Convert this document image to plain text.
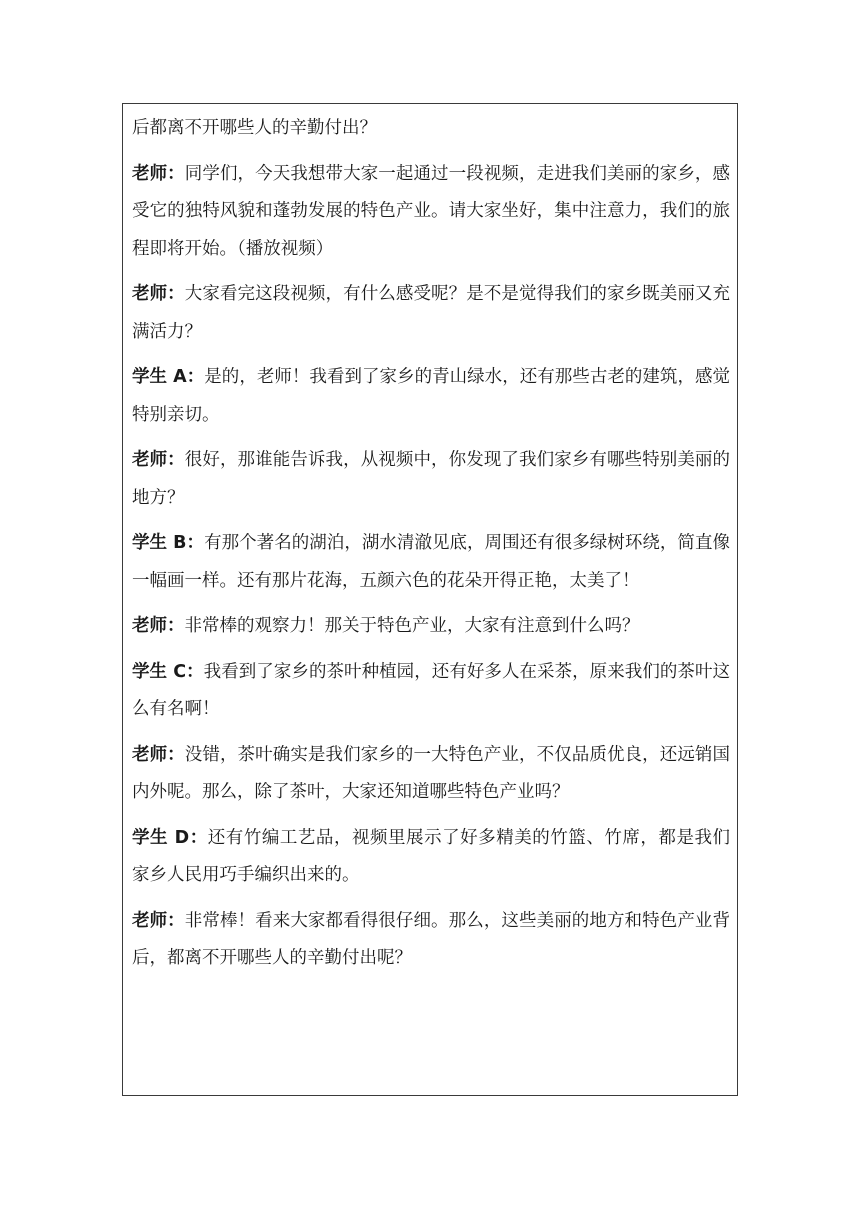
后都离不开哪些人的辛勤付出？

老师：同学们，今天我想带大家一起通过一段视频，走进我们美丽的家乡，感受它的独特风貌和蓬勃发展的特色产业。请大家坐好，集中注意力，我们的旅程即将开始。（播放视频）

老师：大家看完这段视频，有什么感受呢？是不是觉得我们的家乡既美丽又充满活力？

学生 A：是的，老师！我看到了家乡的青山绿水，还有那些古老的建筑，感觉特别亲切。

老师：很好，那谁能告诉我，从视频中，你发现了我们家乡有哪些特别美丽的地方？

学生 B：有那个著名的湖泊，湖水清澈见底，周围还有很多绿树环绕，简直像一幅画一样。还有那片花海，五颜六色的花朵开得正艳，太美了！

老师：非常棒的观察力！那关于特色产业，大家有注意到什么吗？

学生 C：我看到了家乡的茶叶种植园，还有好多人在采茶，原来我们的茶叶这么有名啊！

老师：没错，茶叶确实是我们家乡的一大特色产业，不仅品质优良，还远销国内外呢。那么，除了茶叶，大家还知道哪些特色产业吗？

学生 D：还有竹编工艺品，视频里展示了好多精美的竹篮、竹席，都是我们家乡人民用巧手编织出来的。

老师：非常棒！看来大家都看得很仔细。那么，这些美丽的地方和特色产业背后，都离不开哪些人的辛勤付出呢？
